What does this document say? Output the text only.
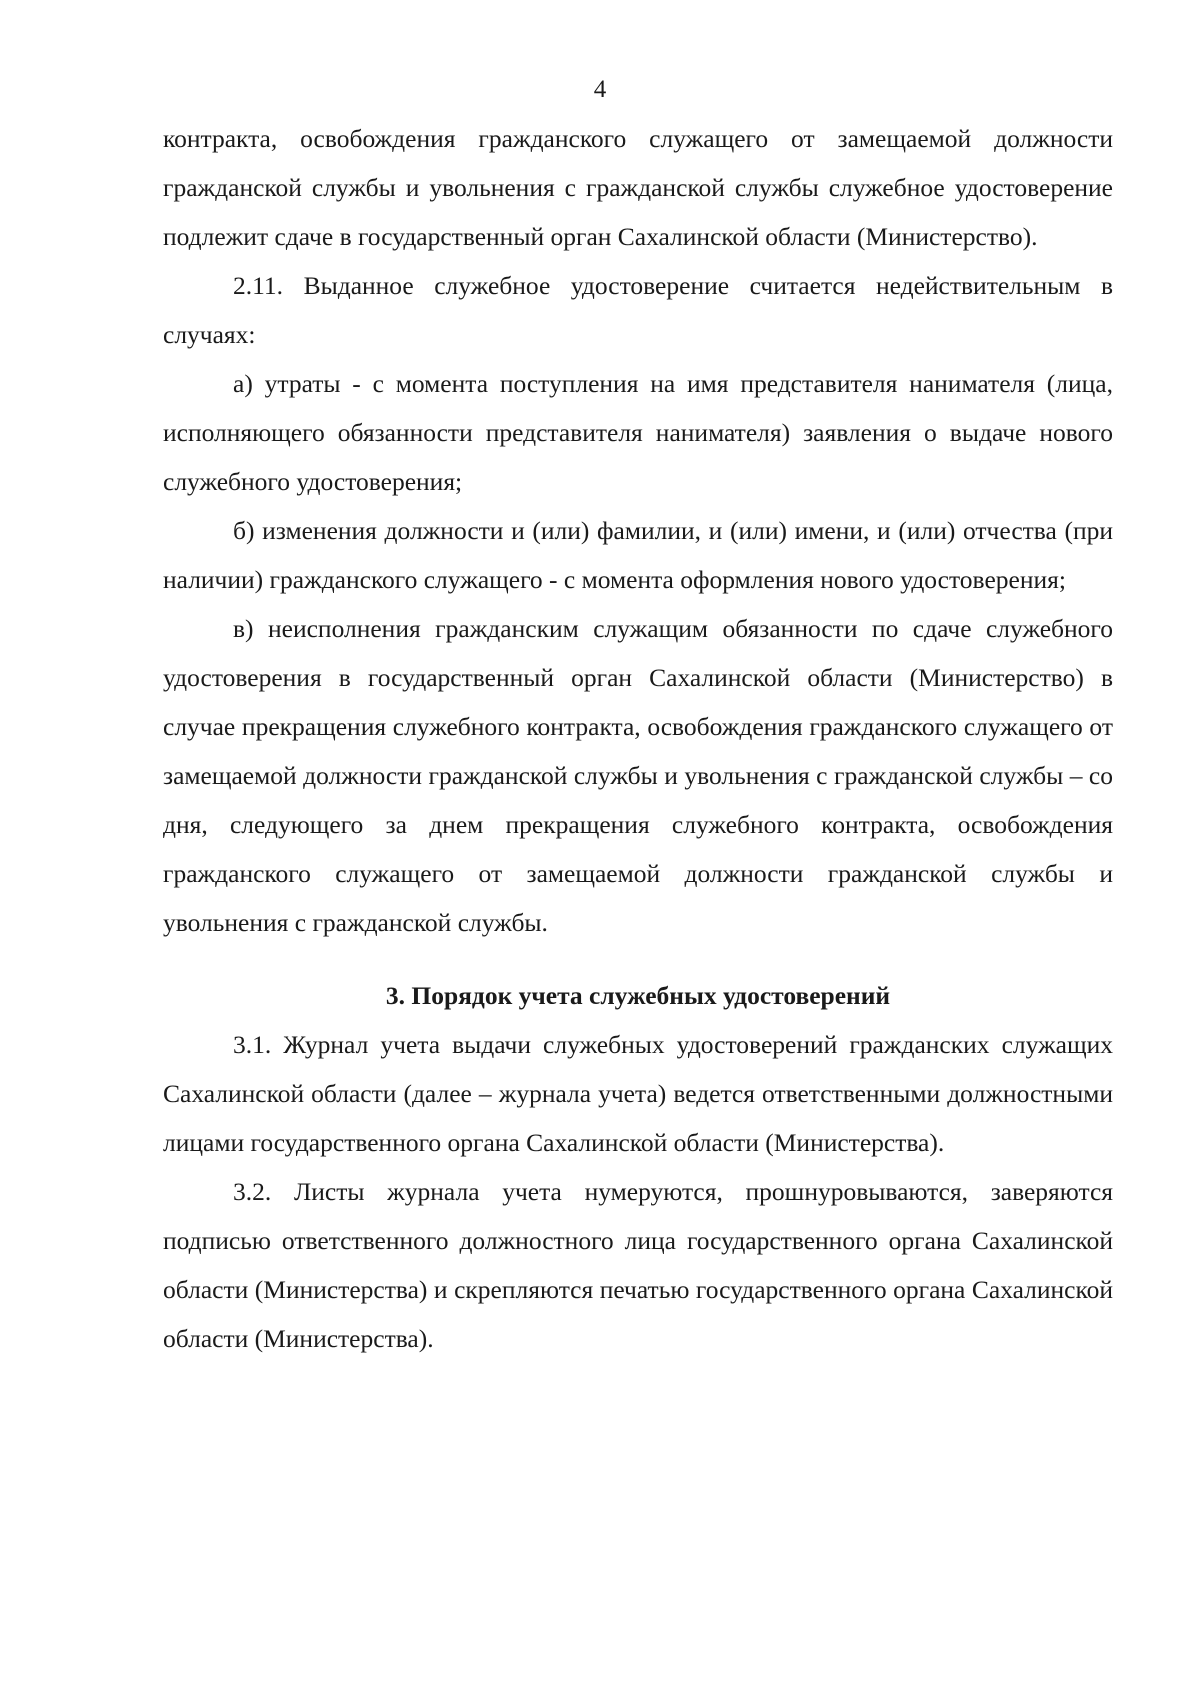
4

контракта, освобождения гражданского служащего от замещаемой должности гражданской службы и увольнения с гражданской службы служебное удостоверение подлежит сдаче в государственный орган Сахалинской области (Министерство).

2.11. Выданное служебное удостоверение считается недействительным в случаях:

а) утраты - с момента поступления на имя представителя нанимателя (лица, исполняющего обязанности представителя нанимателя) заявления о выдаче нового служебного удостоверения;

б) изменения должности и (или) фамилии, и (или) имени, и (или) отчества (при наличии) гражданского служащего - с момента оформления нового удостоверения;

в) неисполнения гражданским служащим обязанности по сдаче служебного удостоверения в государственный орган Сахалинской области (Министерство) в случае прекращения служебного контракта, освобождения гражданского служащего от замещаемой должности гражданской службы и увольнения с гражданской службы – со дня, следующего за днем прекращения служебного контракта, освобождения гражданского служащего от замещаемой должности гражданской службы и увольнения с гражданской службы.

3. Порядок учета служебных удостоверений

3.1. Журнал учета выдачи служебных удостоверений гражданских служащих Сахалинской области (далее – журнала учета) ведется ответственными должностными лицами государственного органа Сахалинской области (Министерства).

3.2. Листы журнала учета нумеруются, прошнуровываются, заверяются подписью ответственного должностного лица государственного органа Сахалинской области (Министерства) и скрепляются печатью государственного органа Сахалинской области (Министерства).
